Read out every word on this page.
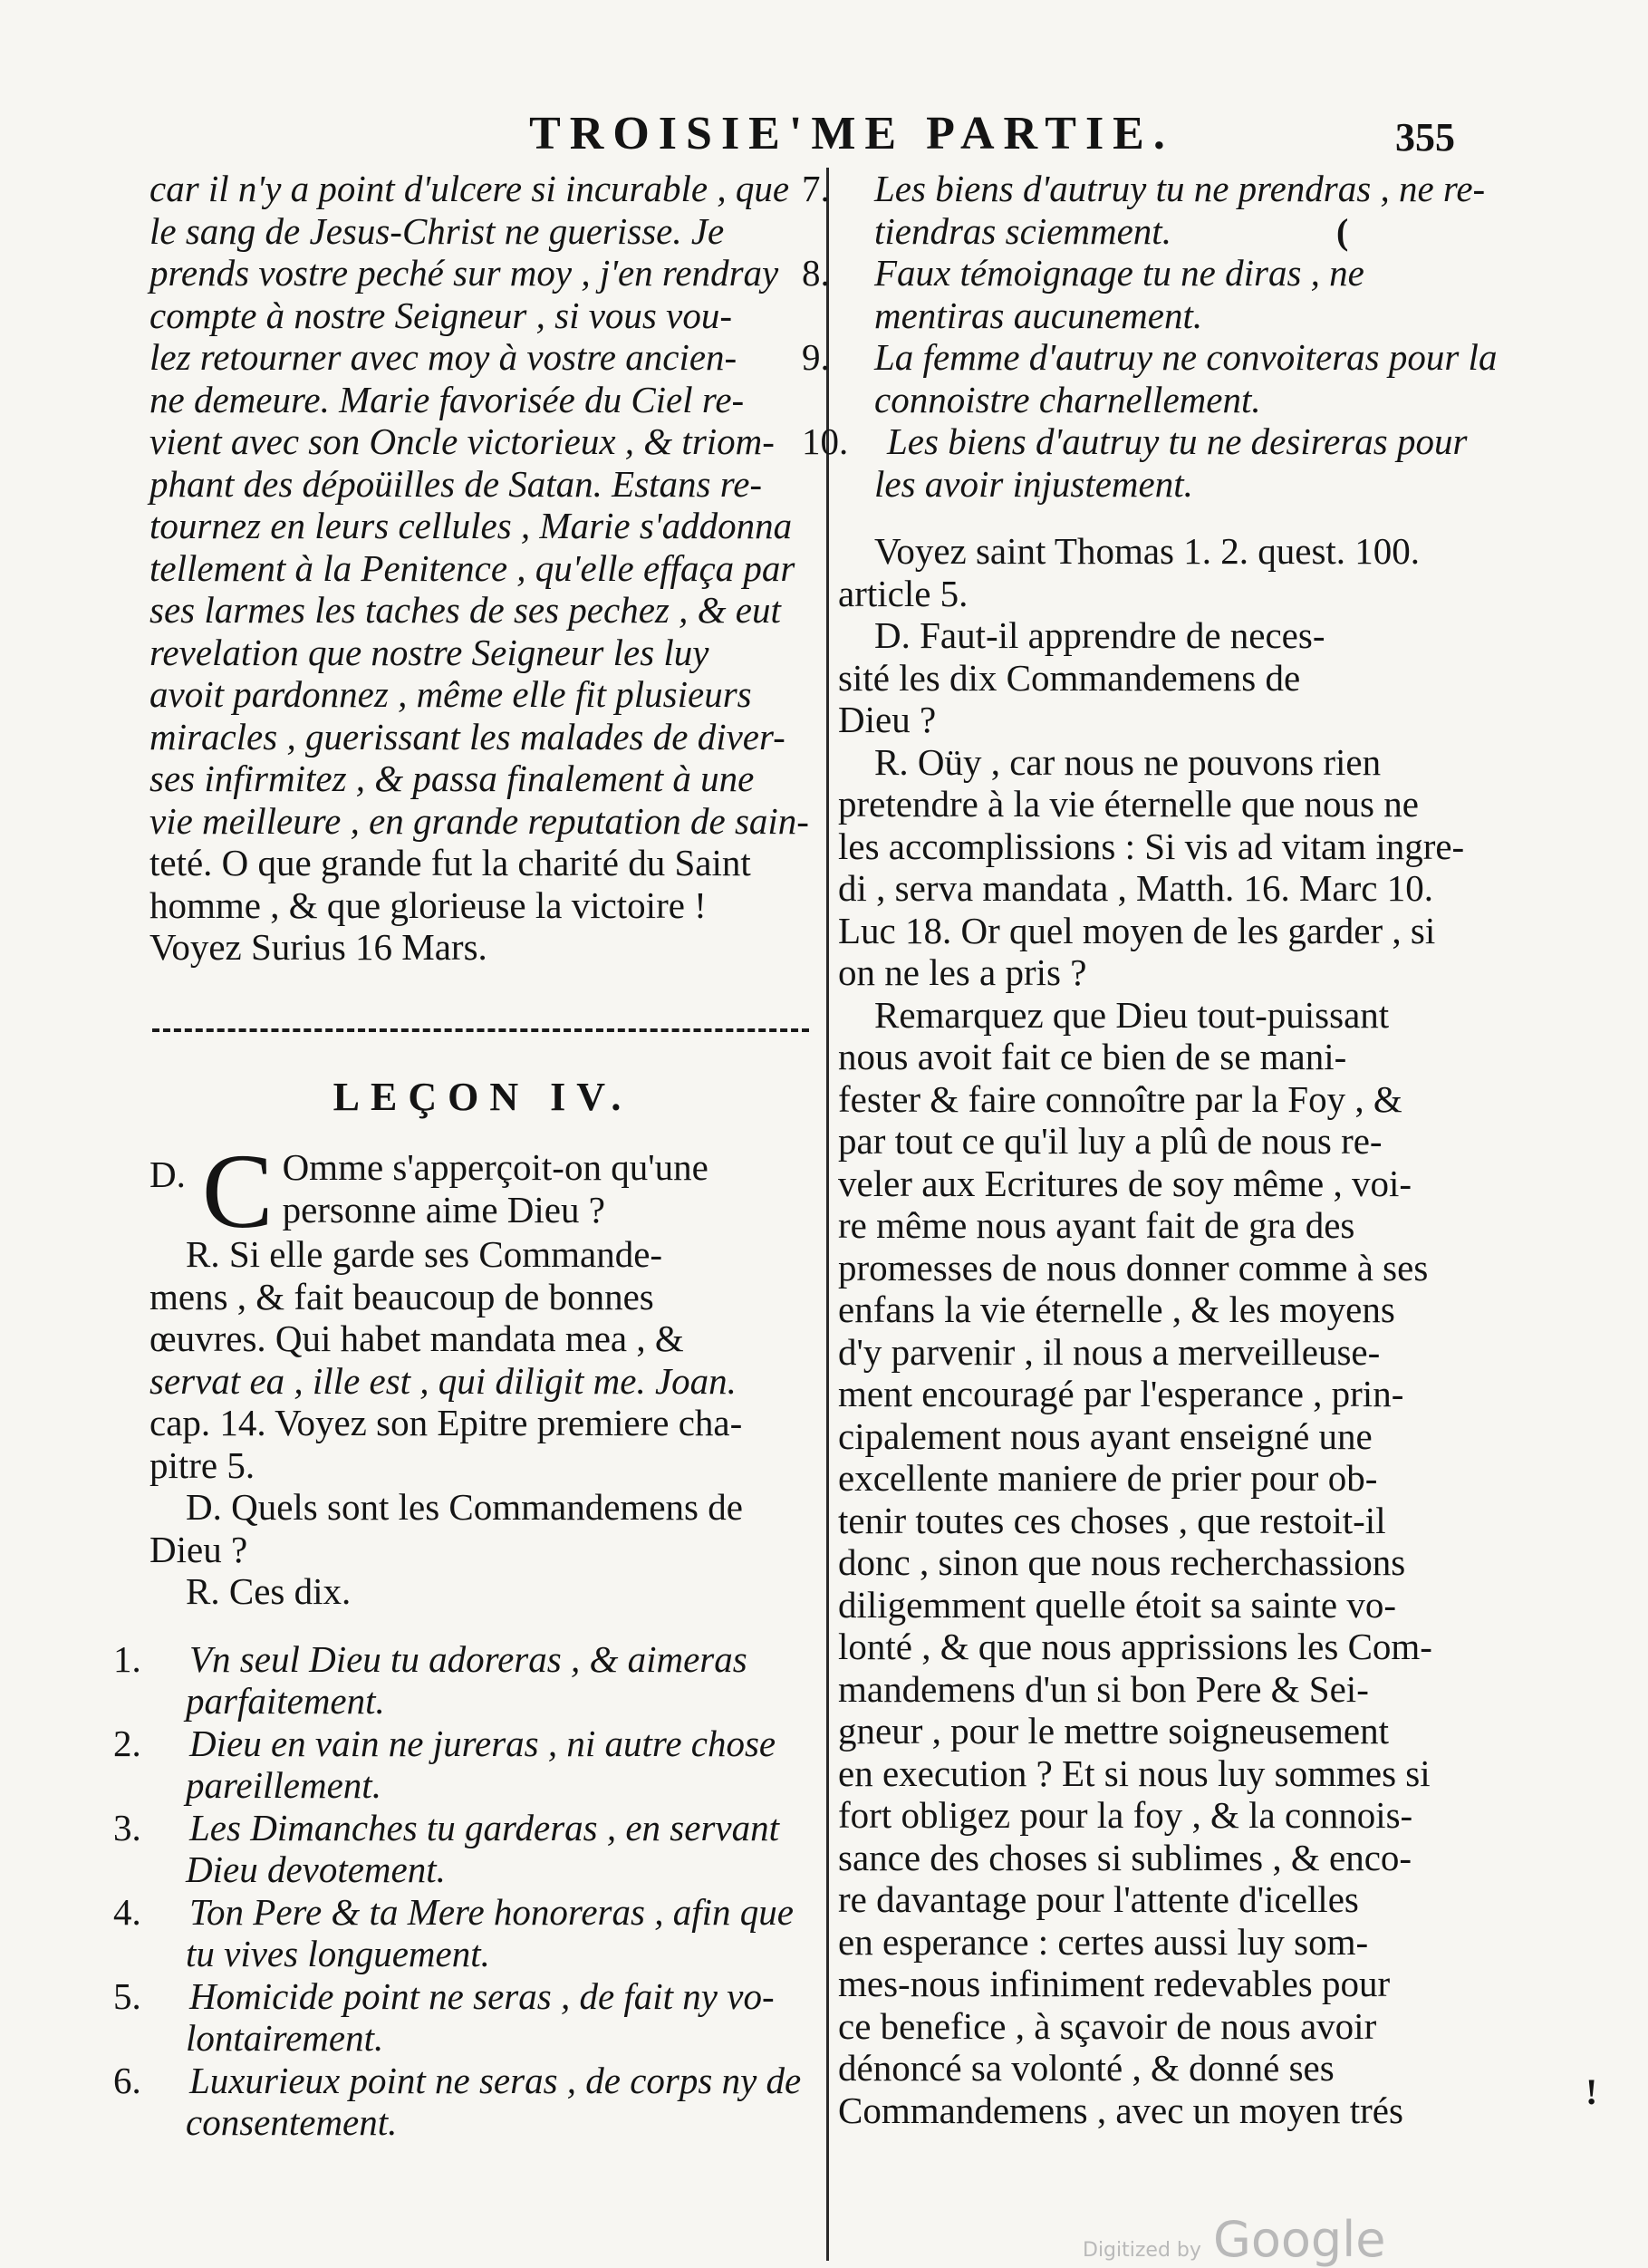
TROISIE'ME PARTIE.	355

car il n'y a point d'ulcere si incurable , que

le sang de Jesus-Christ ne guerisse. Je

prends vostre peché sur moy , j'en rendray

compte à nostre Seigneur , si vous vou-

lez retourner avec moy à vostre ancien-

ne demeure. Marie favorisée du Ciel re-

vient avec son Oncle victorieux , & triom-

phant des dépoüilles de Satan. Estans re-

tournez en leurs cellules , Marie s'addonna

tellement à la Penitence , qu'elle effaça par

ses larmes les taches de ses pechez , & eut

revelation que nostre Seigneur les luy

avoit pardonnez , même elle fit plusieurs

miracles , guerissant les malades de diver-

ses infirmitez , & passa finalement à une

vie meilleure , en grande reputation de sain-

teté. O que grande fut la charité du Saint

homme , & que glorieuse la victoire !

Voyez Surius 16 Mars.

LEÇON IV.
D. C Omme s'apperçoit-on qu'une personne aime Dieu ?

R. Si elle garde ses Commande-

mens , & fait beaucoup de bonnes

œuvres. Qui habet mandata mea , &

servat ea , ille est , qui diligit me. Joan.

cap. 14. Voyez son Epitre premiere cha-

pitre 5.

D. Quels sont les Commandemens de

Dieu ?

R. Ces dix.

1. Vn seul Dieu tu adoreras , & aimeras parfaitement.

2. Dieu en vain ne jureras , ni autre chose pareillement.

3. Les Dimanches tu garderas , en servant Dieu devotement.

4. Ton Pere & ta Mere honoreras , afin que tu vives longuement.

5. Homicide point ne seras , de fait ny vo-lontairement.

6. Luxurieux point ne seras , de corps ny de consentement.

7. Les biens d'autruy tu ne prendras , ne re-tiendras sciemment.

8. Faux témoignage tu ne diras , ne mentiras aucunement.

9. La femme d'autruy ne convoiteras pour la connoistre charnellement.

10. Les biens d'autruy tu ne desireras pour les avoir injustement.

Voyez saint Thomas 1. 2. quest. 100.

article 5.

D. Faut-il apprendre de neces-

sité les dix Commandemens de

Dieu ?

R. Oüy , car nous ne pouvons rien

pretendre à la vie éternelle que nous ne

les accomplissions : Si vis ad vitam ingre-

di , serva mandata , Matth. 16. Marc 10.

Luc 18. Or quel moyen de les garder , si

on ne les a pris ?

Remarquez que Dieu tout-puissant

nous avoit fait ce bien de se mani-

fester & faire connoître par la Foy , &

par tout ce qu'il luy a plû de nous re-

veler aux Ecritures de soy même , voi-

re même nous ayant fait de gra des

promesses de nous donner comme à ses

enfans la vie éternelle , & les moyens

d'y parvenir , il nous a merveilleuse-

ment encouragé par l'esperance , prin-

cipalement nous ayant enseigné une

excellente maniere de prier pour ob-

tenir toutes ces choses , que restoit-il

donc , sinon que nous recherchassions

diligemment quelle étoit sa sainte vo-

lonté , & que nous apprissions les Com-

mandemens d'un si bon Pere & Sei-

gneur , pour le mettre soigneusement

en execution ? Et si nous luy sommes si

fort obligez pour la foy , & la connois-

sance des choses si sublimes , & enco-

re davantage pour l'attente d'icelles

en esperance : certes aussi luy som-

mes-nous infiniment redevables pour

ce benefice , à sçavoir de nous avoir

dénoncé sa volonté , & donné ses

Commandemens , avec un moyen trés	!
(
Digitized by Google
